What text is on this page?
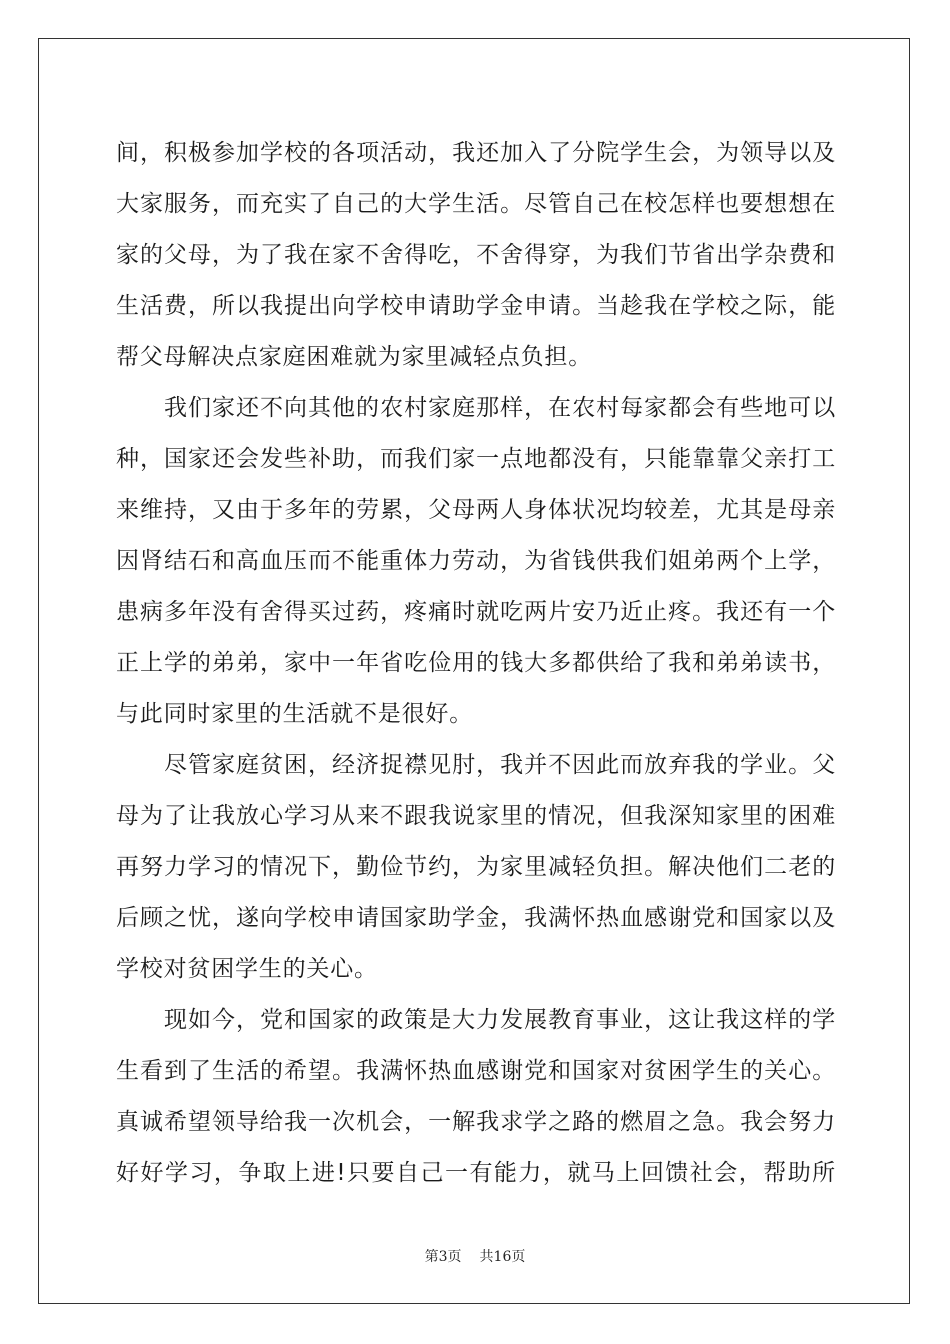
间，积极参加学校的各项活动，我还加入了分院学生会，为领导以及
大家服务，而充实了自己的大学生活。尽管自己在校怎样也要想想在
家的父母，为了我在家不舍得吃，不舍得穿，为我们节省出学杂费和
生活费，所以我提出向学校申请助学金申请。当趁我在学校之际，能
帮父母解决点家庭困难就为家里减轻点负担。
我们家还不向其他的农村家庭那样，在农村每家都会有些地可以
种，国家还会发些补助，而我们家一点地都没有，只能靠靠父亲打工
来维持，又由于多年的劳累，父母两人身体状况均较差，尤其是母亲
因肾结石和高血压而不能重体力劳动，为省钱供我们姐弟两个上学，
患病多年没有舍得买过药，疼痛时就吃两片安乃近止疼。我还有一个
正上学的弟弟，家中一年省吃俭用的钱大多都供给了我和弟弟读书，
与此同时家里的生活就不是很好。
尽管家庭贫困，经济捉襟见肘，我并不因此而放弃我的学业。父
母为了让我放心学习从来不跟我说家里的情况，但我深知家里的困难
再努力学习的情况下，勤俭节约，为家里减轻负担。解决他们二老的
后顾之忧，遂向学校申请国家助学金，我满怀热血感谢党和国家以及
学校对贫困学生的关心。
现如今，党和国家的政策是大力发展教育事业，这让我这样的学
生看到了生活的希望。我满怀热血感谢党和国家对贫困学生的关心。
真诚希望领导给我一次机会，一解我求学之路的燃眉之急。我会努力
好好学习，争取上进!只要自己一有能力，就马上回馈社会，帮助所
第3页 共16页
